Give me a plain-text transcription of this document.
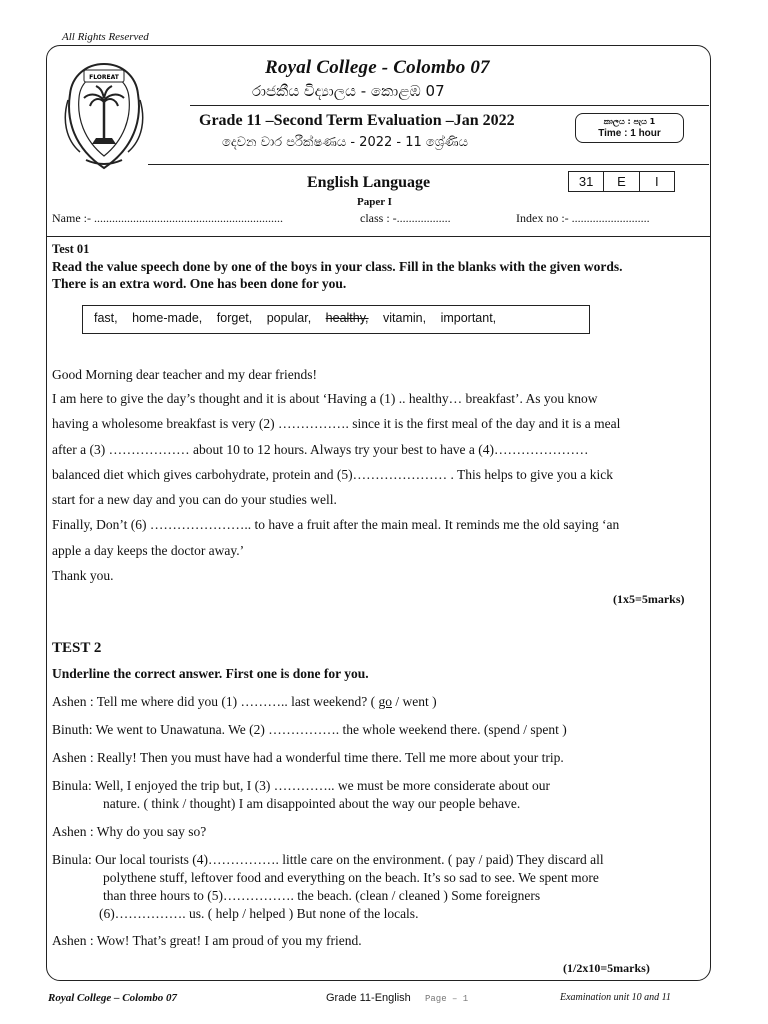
All Rights Reserved
FLOREAT	Royal College - Colombo 07
රාජකීය විද්‍යාලය - කොළඹ 07
Grade 11 –Second Term Evaluation –Jan 2022
දෙවන වාර පරීක්ෂණය - 2022 - 11 ශ්‍රේණිය
කාලය : පැය 1
Time : 1 hour
English Language	31	E	I
Paper I
Name :- ...............................................................	class : -..................	Index no :- ..........................
Test 01
Read the value speech done by one of the boys in your class. Fill in the blanks with the given words.
There is an extra word. One has been done for you.
fast, home-made, forget, popular, healthy, vitamin, important,
Good Morning dear teacher and my dear friends!
I am here to give the day’s thought and it is about ‘Having a (1) .. healthy… breakfast’. As you know
having a wholesome breakfast is very (2) ……………. since it is the first meal of the day and it is a meal
after a (3) ……………… about 10 to 12 hours. Always try your best to have a (4)…………………
balanced diet which gives carbohydrate, protein and (5)………………… . This helps to give you a kick
start for a new day and you can do your studies well.
Finally, Don’t (6) ………………….. to have a fruit after the main meal. It reminds me the old saying ‘an
apple a day keeps the doctor away.’
Thank you.
(1x5=5marks)
TEST 2
Underline the correct answer. First one is done for you.
Ashen : Tell me where did you (1) ……….. last weekend? ( go / went )
Binuth: We went to Unawatuna. We (2) ……………. the whole weekend there. (spend / spent )
Ashen : Really! Then you must have had a wonderful time there. Tell me more about your trip.
Binula: Well, I enjoyed the trip but, I (3) ………….. we must be more considerate about our
nature. ( think / thought) I am disappointed about the way our people behave.
Ashen : Why do you say so?
Binula: Our local tourists (4)……………. little care on the environment. ( pay / paid) They discard all
polythene stuff, leftover food and everything on the beach. It’s so sad to see. We spent more
than three hours to (5)……………. the beach. (clean / cleaned ) Some foreigners
(6)……………. us. ( help / helped ) But none of the locals.
Ashen : Wow! That’s great! I am proud of you my friend.
(1/2x10=5marks)
Royal College – Colombo 07	Grade 11-English Page – 1	Examination unit 10 and 11
